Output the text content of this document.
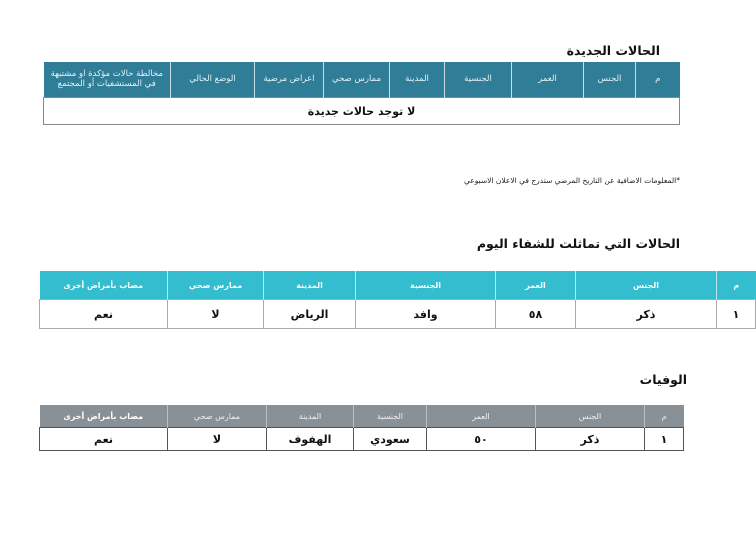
الحالات الجديدة
م	الجنس	العمر	الجنسية	المدينة	ممارس صحي	اعراض مرضية	الوضع الحالي	مخالطة حالات مؤكدة او مشتبهة في المستشفيات أو المجتمع
لا توجد حالات جديدة
*المعلومات الاضافية عن التاريخ المرضي ستدرج في الاعلان الاسبوعي
الحالات التي تماثلت للشفاء اليوم
م	الجنس	العمر	الجنسية	المدينة	ممارس صحي	مصاب بأمراض أخرى
١	ذكر	٥٨	وافد	الرياض	لا	نعم
الوفيات
م	الجنس	العمر	الجنسية	المدينة	ممارس صحي	مصاب بأمراض أخرى
١	ذكر	٥٠	سعودي	الهفوف	لا	نعم
